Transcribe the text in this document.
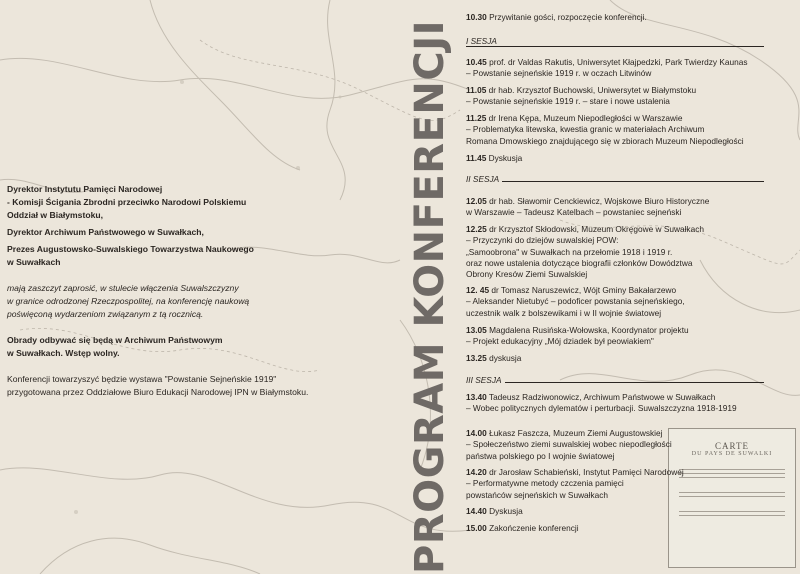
Dyrektor Instytutu Pamięci Narodowej

- Komisji Ścigania Zbrodni przeciwko Narodowi Polskiemu

Oddział w Białymstoku,

Dyrektor Archiwum Państwowego w Suwałkach,

Prezes Augustowsko-Suwalskiego Towarzystwa Naukowego

w Suwałkach

mają zaszczyt zaprosić, w stulecie włączenia Suwalszczyzny

w granice odrodzonej Rzeczpospolitej, na konferencję naukową

poświęconą wydarzeniom związanym z tą rocznicą.

Obrady odbywać się będą w Archiwum Państwowym

w Suwałkach. Wstęp wolny.

Konferencji towarzyszyć będzie wystawa "Powstanie Sejneńskie 1919"

przygotowana przez Oddziałowe Biuro Edukacji Narodowej IPN w Białymstoku.	PROGRAM KONFERENCJI	CARTE
DU PAYS DE SUWALKI

10.30 Przywitanie gości, rozpoczęcie konferencji.

I SESJA

10.45 prof. dr Valdas Rakutis, Uniwersytet Kłajpedzki, Park Twierdzy Kaunas

– Powstanie sejneńskie 1919 r. w oczach Litwinów

11.05 dr hab. Krzysztof Buchowski, Uniwersytet w Białymstoku

– Powstanie sejneńskie 1919 r. – stare i nowe ustalenia

11.25 dr Irena Kępa, Muzeum Niepodległości w Warszawie

– Problematyka litewska, kwestia granic w materiałach Archiwum

Romana Dmowskiego znajdującego się w zbiorach Muzeum Niepodległości

11.45 Dyskusja

II SESJA

12.05 dr hab. Sławomir Cenckiewicz, Wojskowe Biuro Historyczne

w Warszawie – Tadeusz Katelbach – powstaniec sejneński

12.25 dr Krzysztof Skłodowski, Muzeum Okręgowe w Suwałkach

– Przyczynki do dziejów suwalskiej POW:

„Samoobrona" w Suwałkach na przełomie 1918 i 1919 r.

oraz nowe ustalenia dotyczące biografii członków Dowództwa

Obrony Kresów Ziemi Suwalskiej

12. 45 dr Tomasz Naruszewicz, Wójt Gminy Bakałarzewo

– Aleksander Nietubyć – podoficer powstania sejneńskiego,

uczestnik walk z bolszewikami i w II wojnie światowej

13.05 Magdalena Rusińska-Wołowska, Koordynator projektu

– Projekt edukacyjny „Mój dziadek był peowiakiem"

13.25 dyskusja

III SESJA

13.40 Tadeusz Radziwonowicz, Archiwum Państwowe w Suwałkach

– Wobec politycznych dylematów i perturbacji. Suwalszczyzna 1918-1919

14.00 Łukasz Faszcza, Muzeum Ziemi Augustowskiej

– Społeczeństwo ziemi suwalskiej wobec niepodległości

państwa polskiego po I wojnie światowej

14.20 dr Jarosław Schabieński, Instytut Pamięci Narodowej

– Performatywne metody czczenia pamięci

powstańców sejneńskich w Suwałkach

14.40 Dyskusja

15.00 Zakończenie konferencji
